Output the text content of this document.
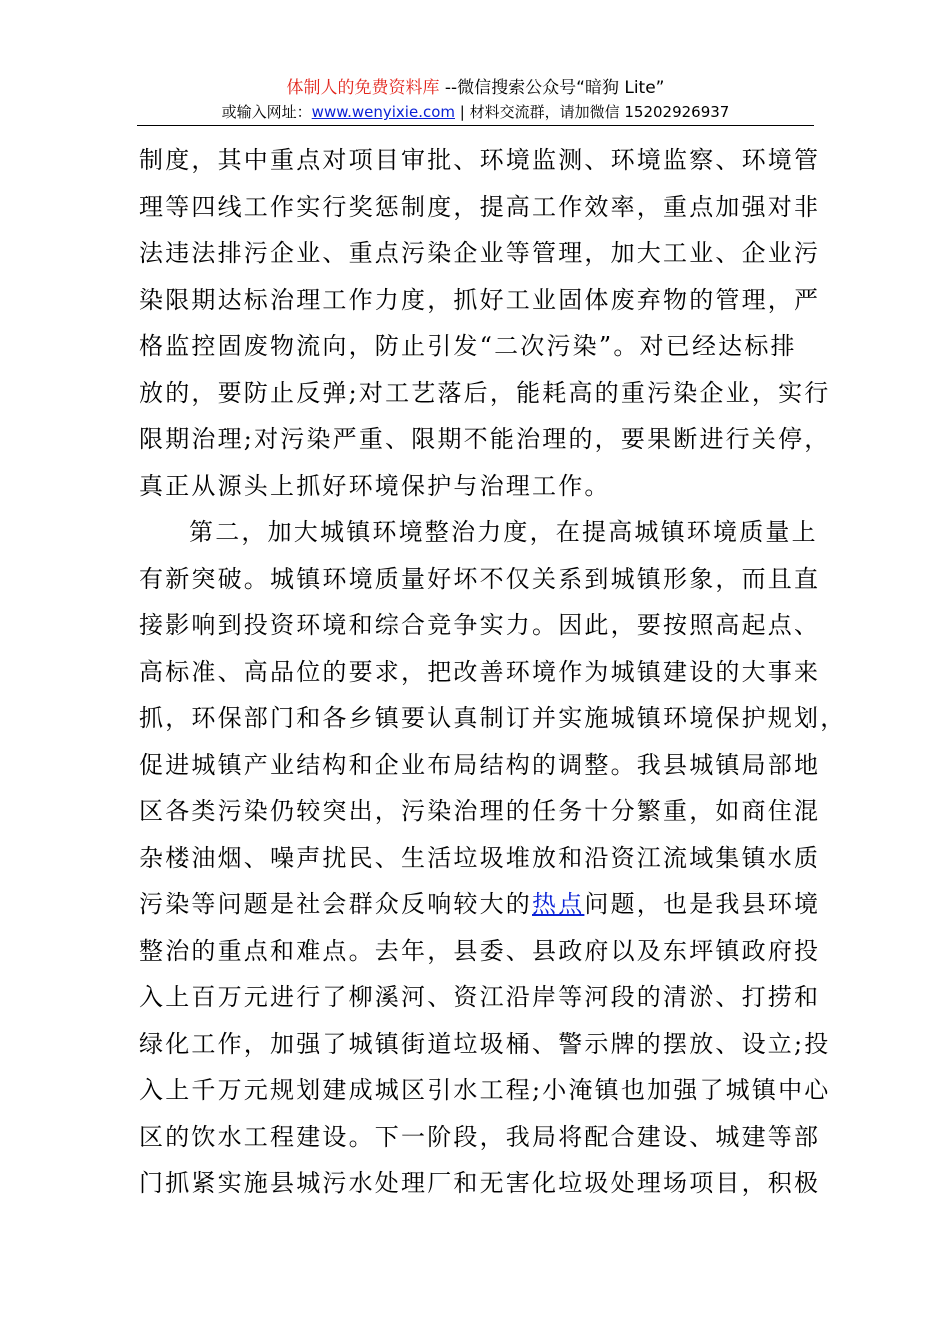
体制人的免费资料库 --微信搜索公众号“暗狗 Lite”
或输入网址：www.wenyixie.com | 材料交流群，请加微信 15202926937
制度，其中重点对项目审批、环境监测、环境监察、环境管
理等四线工作实行奖惩制度，提高工作效率，重点加强对非
法违法排污企业、重点污染企业等管理，加大工业、企业污
染限期达标治理工作力度，抓好工业固体废弃物的管理，严
格监控固废物流向，防止引发“二次污染”。对已经达标排
放的，要防止反弹;对工艺落后，能耗高的重污染企业，实行
限期治理;对污染严重、限期不能治理的，要果断进行关停，
真正从源头上抓好环境保护与治理工作。
第二，加大城镇环境整治力度，在提高城镇环境质量上
有新突破。城镇环境质量好坏不仅关系到城镇形象，而且直
接影响到投资环境和综合竞争实力。因此，要按照高起点、
高标准、高品位的要求，把改善环境作为城镇建设的大事来
抓，环保部门和各乡镇要认真制订并实施城镇环境保护规划，
促进城镇产业结构和企业布局结构的调整。我县城镇局部地
区各类污染仍较突出，污染治理的任务十分繁重，如商住混
杂楼油烟、噪声扰民、生活垃圾堆放和沿资江流域集镇水质
污染等问题是社会群众反响较大的热点问题，也是我县环境
整治的重点和难点。去年，县委、县政府以及东坪镇政府投
入上百万元进行了柳溪河、资江沿岸等河段的清淤、打捞和
绿化工作，加强了城镇街道垃圾桶、警示牌的摆放、设立;投
入上千万元规划建成城区引水工程;小淹镇也加强了城镇中心
区的饮水工程建设。下一阶段，我局将配合建设、城建等部
门抓紧实施县城污水处理厂和无害化垃圾处理场项目，积极
